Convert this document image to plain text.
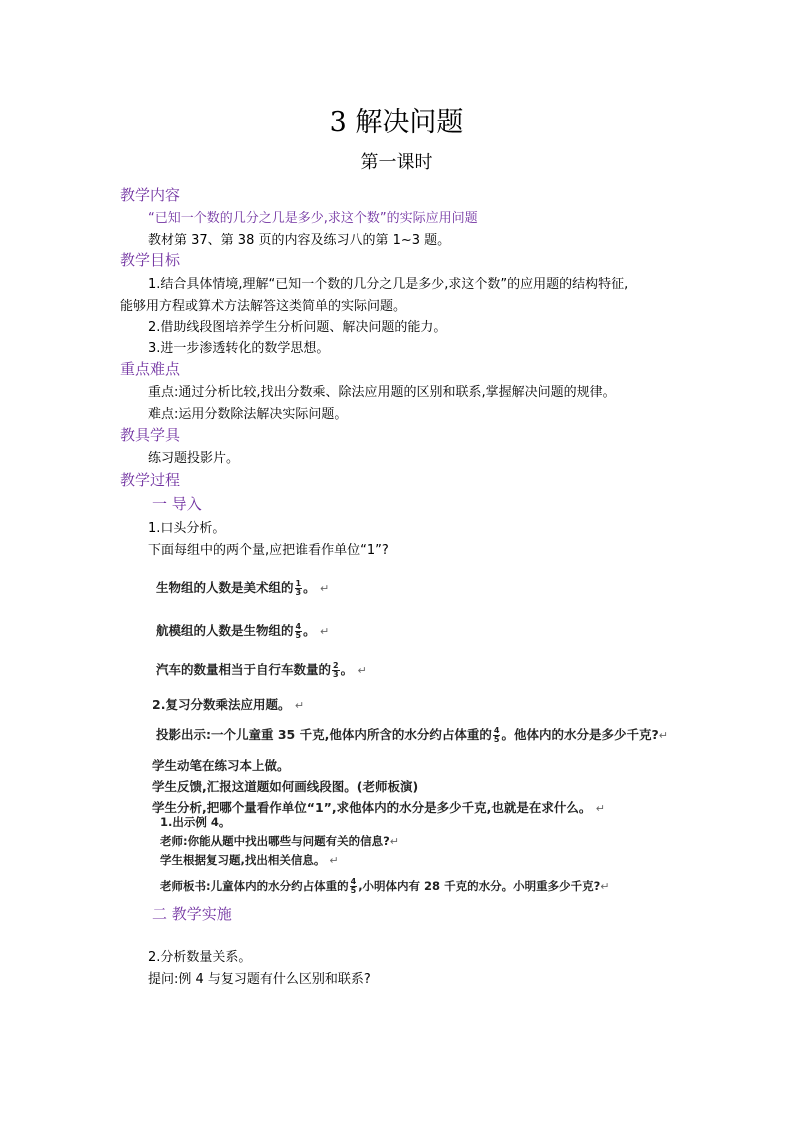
3 解决问题
第一课时
教学内容
“已知一个数的几分之几是多少,求这个数”的实际应用问题
教材第 37、第 38 页的内容及练习八的第 1~3 题。
教学目标
1.结合具体情境,理解“已知一个数的几分之几是多少,求这个数”的应用题的结构特征,
能够用方程或算术方法解答这类简单的实际问题。
2.借助线段图培养学生分析问题、解决问题的能力。
3.进一步渗透转化的数学思想。
重点难点
重点:通过分析比较,找出分数乘、除法应用题的区别和联系,掌握解决问题的规律。
难点:运用分数除法解决实际问题。
教具学具
练习题投影片。
教学过程
一 导入
1.口头分析。
下面每组中的两个量,应把谁看作单位“1”?
生物组的人数是美术组的 $\frac{1}{3}$ 。 ↵
航模组的人数是生物组的 $\frac{4}{5}$ 。 ↵
汽车的数量相当于自行车数量的 $\frac{2}{3}$ 。 ↵
2.复习分数乘法应用题。 ↵
投影出示:一个儿童重 35 千克,他体内所含的水分约占体重的 $\frac{4}{5}$ 。他体内的水分是多少千克?↵
学生动笔在练习本上做。
学生反馈,汇报这道题如何画线段图。(老师板演)
学生分析,把哪个量看作单位“1”,求他体内的水分是多少千克,也就是在求什么。 ↵
1.出示例 4。
老师:你能从题中找出哪些与问题有关的信息?↵
学生根据复习题,找出相关信息。 ↵
老师板书:儿童体内的水分约占体重的 $\frac{4}{5}$ ,小明体内有 28 千克的水分。小明重多少千克?↵
二 教学实施
2.分析数量关系。
提问:例 4 与复习题有什么区别和联系?
